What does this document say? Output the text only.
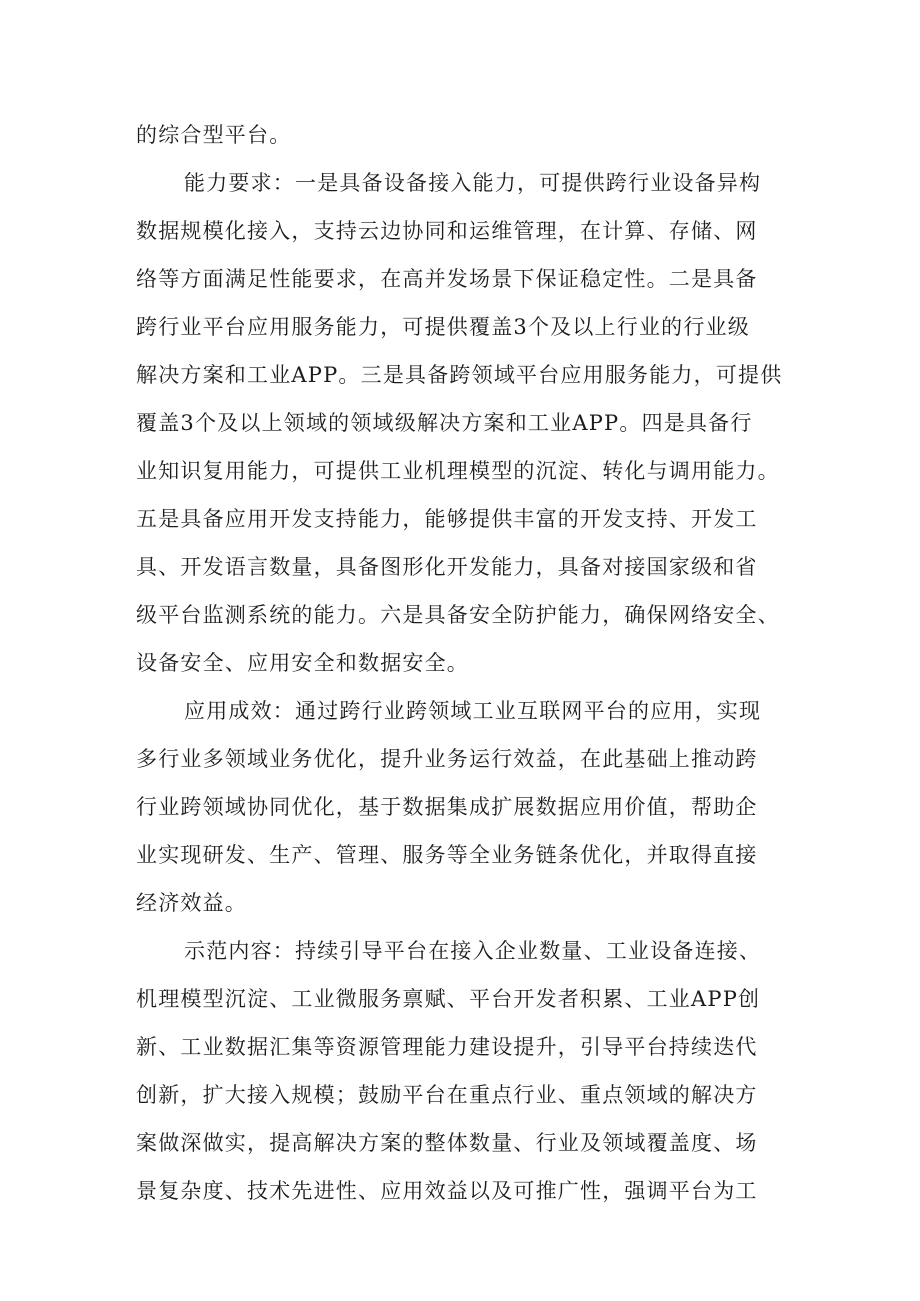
的综合型平台。
能力要求：一是具备设备接入能力，可提供跨行业设备异构
数据规模化接入，支持云边协同和运维管理，在计算、存储、网
络等方面满足性能要求，在高并发场景下保证稳定性。二是具备
跨行业平台应用服务能力，可提供覆盖3个及以上行业的行业级
解决方案和工业APP。三是具备跨领域平台应用服务能力，可提供
覆盖3个及以上领域的领域级解决方案和工业APP。四是具备行
业知识复用能力，可提供工业机理模型的沉淀、转化与调用能力。
五是具备应用开发支持能力，能够提供丰富的开发支持、开发工
具、开发语言数量，具备图形化开发能力，具备对接国家级和省
级平台监测系统的能力。六是具备安全防护能力，确保网络安全、
设备安全、应用安全和数据安全。
应用成效：通过跨行业跨领域工业互联网平台的应用，实现
多行业多领域业务优化，提升业务运行效益，在此基础上推动跨
行业跨领域协同优化，基于数据集成扩展数据应用价值，帮助企
业实现研发、生产、管理、服务等全业务链条优化，并取得直接
经济效益。
示范内容：持续引导平台在接入企业数量、工业设备连接、
机理模型沉淀、工业微服务禀赋、平台开发者积累、工业APP创
新、工业数据汇集等资源管理能力建设提升，引导平台持续迭代
创新，扩大接入规模；鼓励平台在重点行业、重点领域的解决方
案做深做实，提高解决方案的整体数量、行业及领域覆盖度、场
景复杂度、技术先进性、应用效益以及可推广性，强调平台为工
